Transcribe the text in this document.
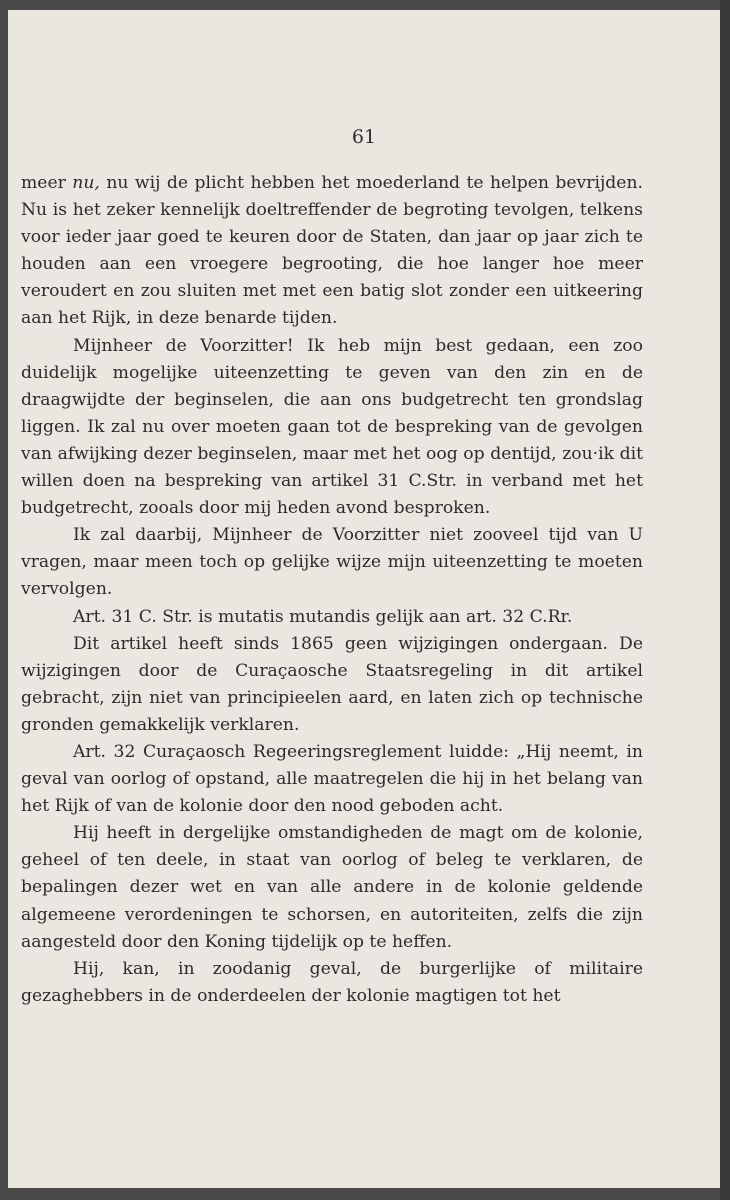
61

meer nu, nu wij de plicht hebben het moederland te helpen bevrijden. Nu is het zeker kennelijk doeltreffender de begroting tevolgen, telkens voor ieder jaar goed te keuren door de Staten, dan jaar op jaar zich te houden aan een vroegere begrooting, die hoe langer hoe meer veroudert en zou sluiten met met een batig slot zonder een uitkeering aan het Rijk, in deze benarde tijden.

Mijnheer de Voorzitter! Ik heb mijn best gedaan, een zoo duidelijk mogelijke uiteenzetting te geven van den zin en de draagwijdte der beginselen, die aan ons budgetrecht ten grondslag liggen. Ik zal nu over moeten gaan tot de bespreking van de gevolgen van afwijking dezer beginselen, maar met het oog op dentijd, zou·ik dit willen doen na bespreking van artikel 31 C.Str. in verband met het budgetrecht, zooals door mij heden avond besproken.

Ik zal daarbij, Mijnheer de Voorzitter niet zooveel tijd van U vragen, maar meen toch op gelijke wijze mijn uiteenzetting te moeten vervolgen.

Art. 31 C. Str. is mutatis mutandis gelijk aan art. 32 C.Rr.

Dit artikel heeft sinds 1865 geen wijzigingen ondergaan. De wijzigingen door de Curaçaosche Staatsregeling in dit artikel gebracht, zijn niet van principieelen aard, en laten zich op technische gronden gemakkelijk verklaren.

Art. 32 Curaçaosch Regeeringsreglement luidde: „Hij neemt, in geval van oorlog of opstand, alle maatregelen die hij in het belang van het Rijk of van de kolonie door den nood geboden acht.

Hij heeft in dergelijke omstandigheden de magt om de kolonie, geheel of ten deele, in staat van oorlog of beleg te verklaren, de bepalingen dezer wet en van alle andere in de kolonie geldende algemeene verordeningen te schorsen, en autoriteiten, zelfs die zijn aangesteld door den Koning tijdelijk op te heffen.

Hij, kan, in zoodanig geval, de burgerlijke of militaire gezaghebbers in de onderdeelen der kolonie magtigen tot het
